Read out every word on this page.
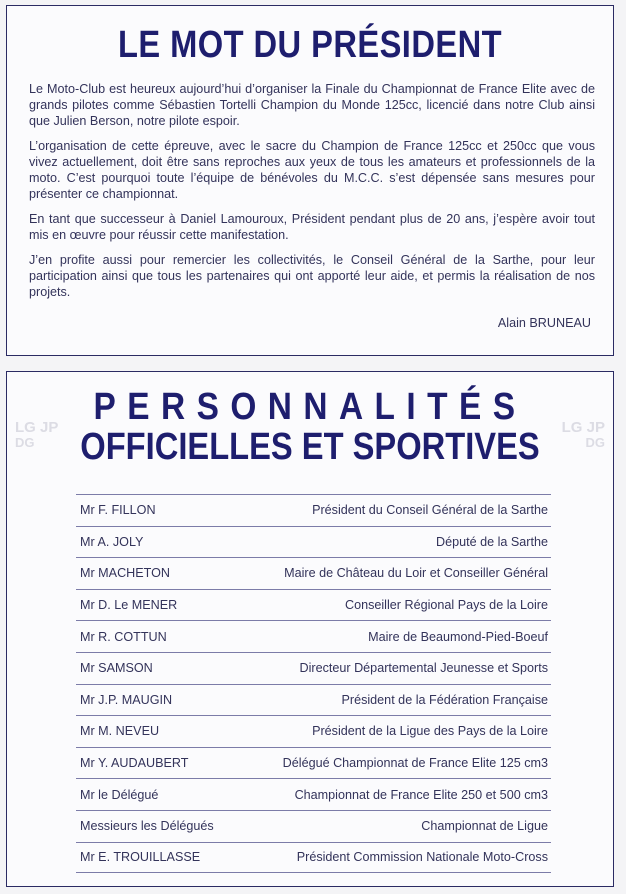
LE MOT DU PRÉSIDENT

Le Moto-Club est heureux aujourd’hui d’organiser la Finale du Championnat de France Elite avec de grands pilotes comme Sébastien Tortelli Champion du Monde 125cc, licencié dans notre Club ainsi que Julien Berson, notre pilote espoir.

L’organisation de cette épreuve, avec le sacre du Champion de France 125cc et 250cc que vous vivez actuellement, doit être sans reproches aux yeux de tous les amateurs et professionnels de la moto. C’est pourquoi toute l’équipe de bénévoles du M.C.C. s’est dépensée sans mesures pour présenter ce championnat.

En tant que successeur à Daniel Lamouroux, Président pendant plus de 20 ans, j’espère avoir tout mis en œuvre pour réussir cette manifestation.

J’en profite aussi pour remercier les collectivités, le Conseil Général de la Sarthe, pour leur participation ainsi que tous les partenaires qui ont apporté leur aide, et permis la réalisation de nos projets.

Alain BRUNEAU
LG JP
DG
LG JP
DG
PERSONNALITÉS
OFFICIELLES ET SPORTIVES
Mr F. FILLON	Président du Conseil Général de la Sarthe
Mr A. JOLY	Député de la Sarthe
Mr MACHETON	Maire de Château du Loir et Conseiller Général
Mr D. Le MENER	Conseiller Régional Pays de la Loire
Mr R. COTTUN	Maire de Beaumond-Pied-Boeuf
Mr SAMSON	Directeur Départemental Jeunesse et Sports
Mr J.P. MAUGIN	Président de la Fédération Française
Mr M. NEVEU	Président de la Ligue des Pays de la Loire
Mr Y. AUDAUBERT	Délégué Championnat de France Elite 125 cm3
Mr le Délégué	Championnat de France Elite 250 et 500 cm3
Messieurs les Délégués	Championnat de Ligue
Mr E. TROUILLASSE	Président Commission Nationale Moto-Cross
